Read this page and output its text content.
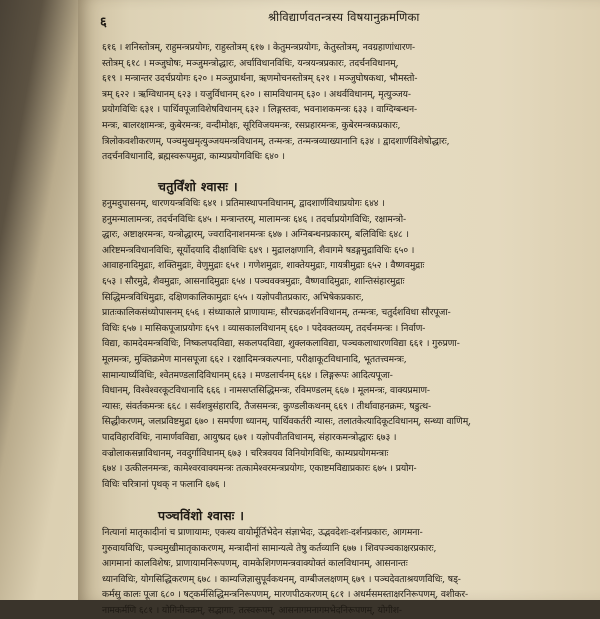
६	श्रीविद्यार्णवतन्त्रस्य विषयानुक्रमणिका
६१६ । शनिस्तोत्रम्, राहुमन्त्रप्रयोगः, राहुस्तोत्रम् ६१७ । केतुमन्त्रप्रयोगः, केतुस्तोत्रम्, नवग्रहाणांधारण-
स्तोत्रम् ६१८ । मञ्जुघोषः, मञ्जुमन्त्रोद्धारः, अर्चाविधानविधिः, यन्त्रयन्त्रप्रकारः, तदर्चनविधानम्,
६१९ । मन्त्रान्तर उदर्चप्रयोगः ६२० । मञ्जुप्रार्थना, ऋणमोचनस्तोत्रम् ६२१ । मञ्जुघोषकथा, भौमस्तो-
त्रम् ६२२ । ऋग्विधानम् ६२३ । यजुर्विधानम् ६२० । सामविधानम् ६३० । अथर्वविधानम्, मृत्युञ्जय-
प्रयोगविधिः ६३१ । पार्थिवपूजाविशेषविधानम् ६३२ । लिङ्गस्तवः, भवनाशकमन्त्रः ६३३ । वाग्दिग्बन्धन-
मन्त्रः, बालरक्षामन्त्रः, कुबेरमन्त्रः, वन्दीमोक्षः, सूरिविजयमन्त्रः, रसप्रहारमन्त्रः, कुबेरमन्त्रकप्रकारः,
त्रिलोकवशीकरणम्, पञ्चमुखमृत्युञ्जयमन्त्रविधानम्, तन्मन्त्रः, तन्मन्त्रव्याख्यानानि ६३४ । द्वादशार्णविशेषोद्धारः,
तदर्चनविधानादि, ब्रह्मस्वरूपमुद्रा, काम्यप्रयोगविधिः ६४० ।
चतुर्विंशो श्वासः ।
हनुमदुपासनम्, धारणयन्त्रविधिः ६४१ । प्रतिमास्थापनविधानम्, द्वादशार्णविधाप्रयोगः ६४४ ।
हनुमन्मालामन्त्रः, तदर्चनविधिः ६४५ । मन्त्रान्तरम्, मालामन्त्रः ६४६ । तदर्चाप्रयोगविधिः, रक्षामन्त्रो-
द्धारः, अष्टाक्षरमन्त्रः, यन्त्रोद्धारम्, ज्वरादिनाशनमन्त्रः ६४७ । अग्निबन्धनप्रकारम्, बलिविधिः ६४८ ।
अरिष्टमन्त्रविधानविधिः, सूर्योदयादि दीक्षाविधिः ६४९ । मुद्रालक्षणानि, शैवागमे षडङ्गमुद्राविधिः ६५० ।
आवाहनादिमुद्राः, शक्तिमुद्राः, वेणुमुद्राः ६५१ । गणेशमुद्राः, शाक्तेयमुद्राः, गायत्रीमुद्राः ६५२ । वैष्णवमुद्राः
६५३ । सौरमुद्रे, शैवमुद्राः, आसनादिमुद्राः ६५४ । पञ्चवक्त्रमुद्राः, वैष्णवादिमुद्राः, शान्तिसंहारमुद्राः
सिद्धिमन्त्रविधिमुद्राः, दक्षिणकालिकामुद्राः ६५५ । यज्ञोपवीतप्रकारः, अभिषेकप्रकारः,
प्रातःकालिकसंध्योपासनम् ६५६ । संध्याकाले प्राणायामः, सौरचक्रदर्शनविधानम्, तन्मन्त्रः, चतुर्दशविधा सौरपूजा-
विधिः ६५७ । मासिकपूजाप्रयोगः ६५९ । व्यासकालविधानम् ६६० । पदेवक्तव्यम्, तदर्चनमन्त्रः । निर्वाण-
विद्या, कामदेवमन्त्रविधिः, निष्कलपदविद्या, सकलपदविद्या, शुक्लकलाविद्या, पञ्चकलाधारणविद्या ६६१ । गुरुप्रणा-
मूलमन्त्रः, मुक्तिक्रमेण मानसपूजा ६६२ । रक्षादिमन्त्रकल्पनाः, परीक्षाकूटविधानादि, भूततत्त्वमन्त्रः,
सामान्यार्घ्यविधिः, श्वेतमण्डलादिविधानम् ६६३ । मण्डलार्चनम् ६६४ । लिङ्गरूपः आदित्यपूजा-
विधानम्, विश्वेश्वरकूटविधानादि ६६६ । नामसप्तसिद्धिमन्त्रः, रविमण्डलम् ६६७ । मूलमन्त्रः, वाक्यप्रमाण-
न्यासः, संवर्तकमन्त्रः ६६८ । सर्वशत्रुसंहारादि, तैजसमन्त्रः, कुण्डलीकथनम् ६६९ । तीर्थावाहनक्रमः, षडुत्थ-
सिद्धीकरणम्, जलप्रविष्टमुद्रा ६७० । समर्पणा ध्यानम्, पार्थिवकर्तरी न्यासः, तलातकेत्यादिकूटविधानम्, सन्ध्या वाणिम्,
पादविहारविधिः, नामार्णवविद्या, आयुष्प्रद ६७१ । यज्ञोपवीतविधानम्, संहारकमन्त्रोद्धारः ६७३ ।
वज्रोलाकसन्नाविधानम्, नवदुर्गाविधानम् ६७३ । चरित्रवयव विनियोगविधिः, काम्यप्रयोगमन्त्राः
६७४ । उत्कीलनमन्त्रः, कामेश्वरवाक्यमन्त्रः तत्कामेश्वरमन्त्रप्रयोगः, एकाष्टमविद्याप्रकारः ६७५ । प्रयोग-
विधिः चरित्रानां पृथक् न फलानि ६७६ ।
पञ्चविंशो श्वासः ।
नित्यानां मातृकादीनां च प्राणायामः, एकस्य वायोर्मूर्तिभेदेन संज्ञाभेदः, उद्भवदेशः-दर्शनप्रकारः, आगमना-
गुरुवायविधिः, पञ्चमुखीमातृकाकरणम्, मन्त्रादीनां सामान्यत्वे तेषु कर्तव्यानि ६७७ । शिवपञ्चकाक्षरप्रकारः,
आगमानां कालविशेषः, प्राणायामनिरूपणम्, वामकेशिगणमन्त्रवाक्योक्तं कालविधानम्, आसनान्तः
ध्यानविधिः, योगसिद्धिकरणम् ६७८ । काम्यजिज्ञासुपूर्वकथनम्, वाग्बीजलक्षणम् ६७९ । पञ्चदेवताश्रयणविधिः, षड्-
कर्मसु कालः पूजा ६८० । षट्कर्मसिद्धिमन्त्रनिरूपणम्, मारणपीठकरणम् ६८१ । अधर्मसमस्ताक्षरनिरूपणम्, वशीकर-
नामकर्मणि ६८१ । योगिनीचक्रम्, सद्भागाः, तत्स्वरूपम्, आसनागमनागमभेदनिरूपणम्, योगीश-
